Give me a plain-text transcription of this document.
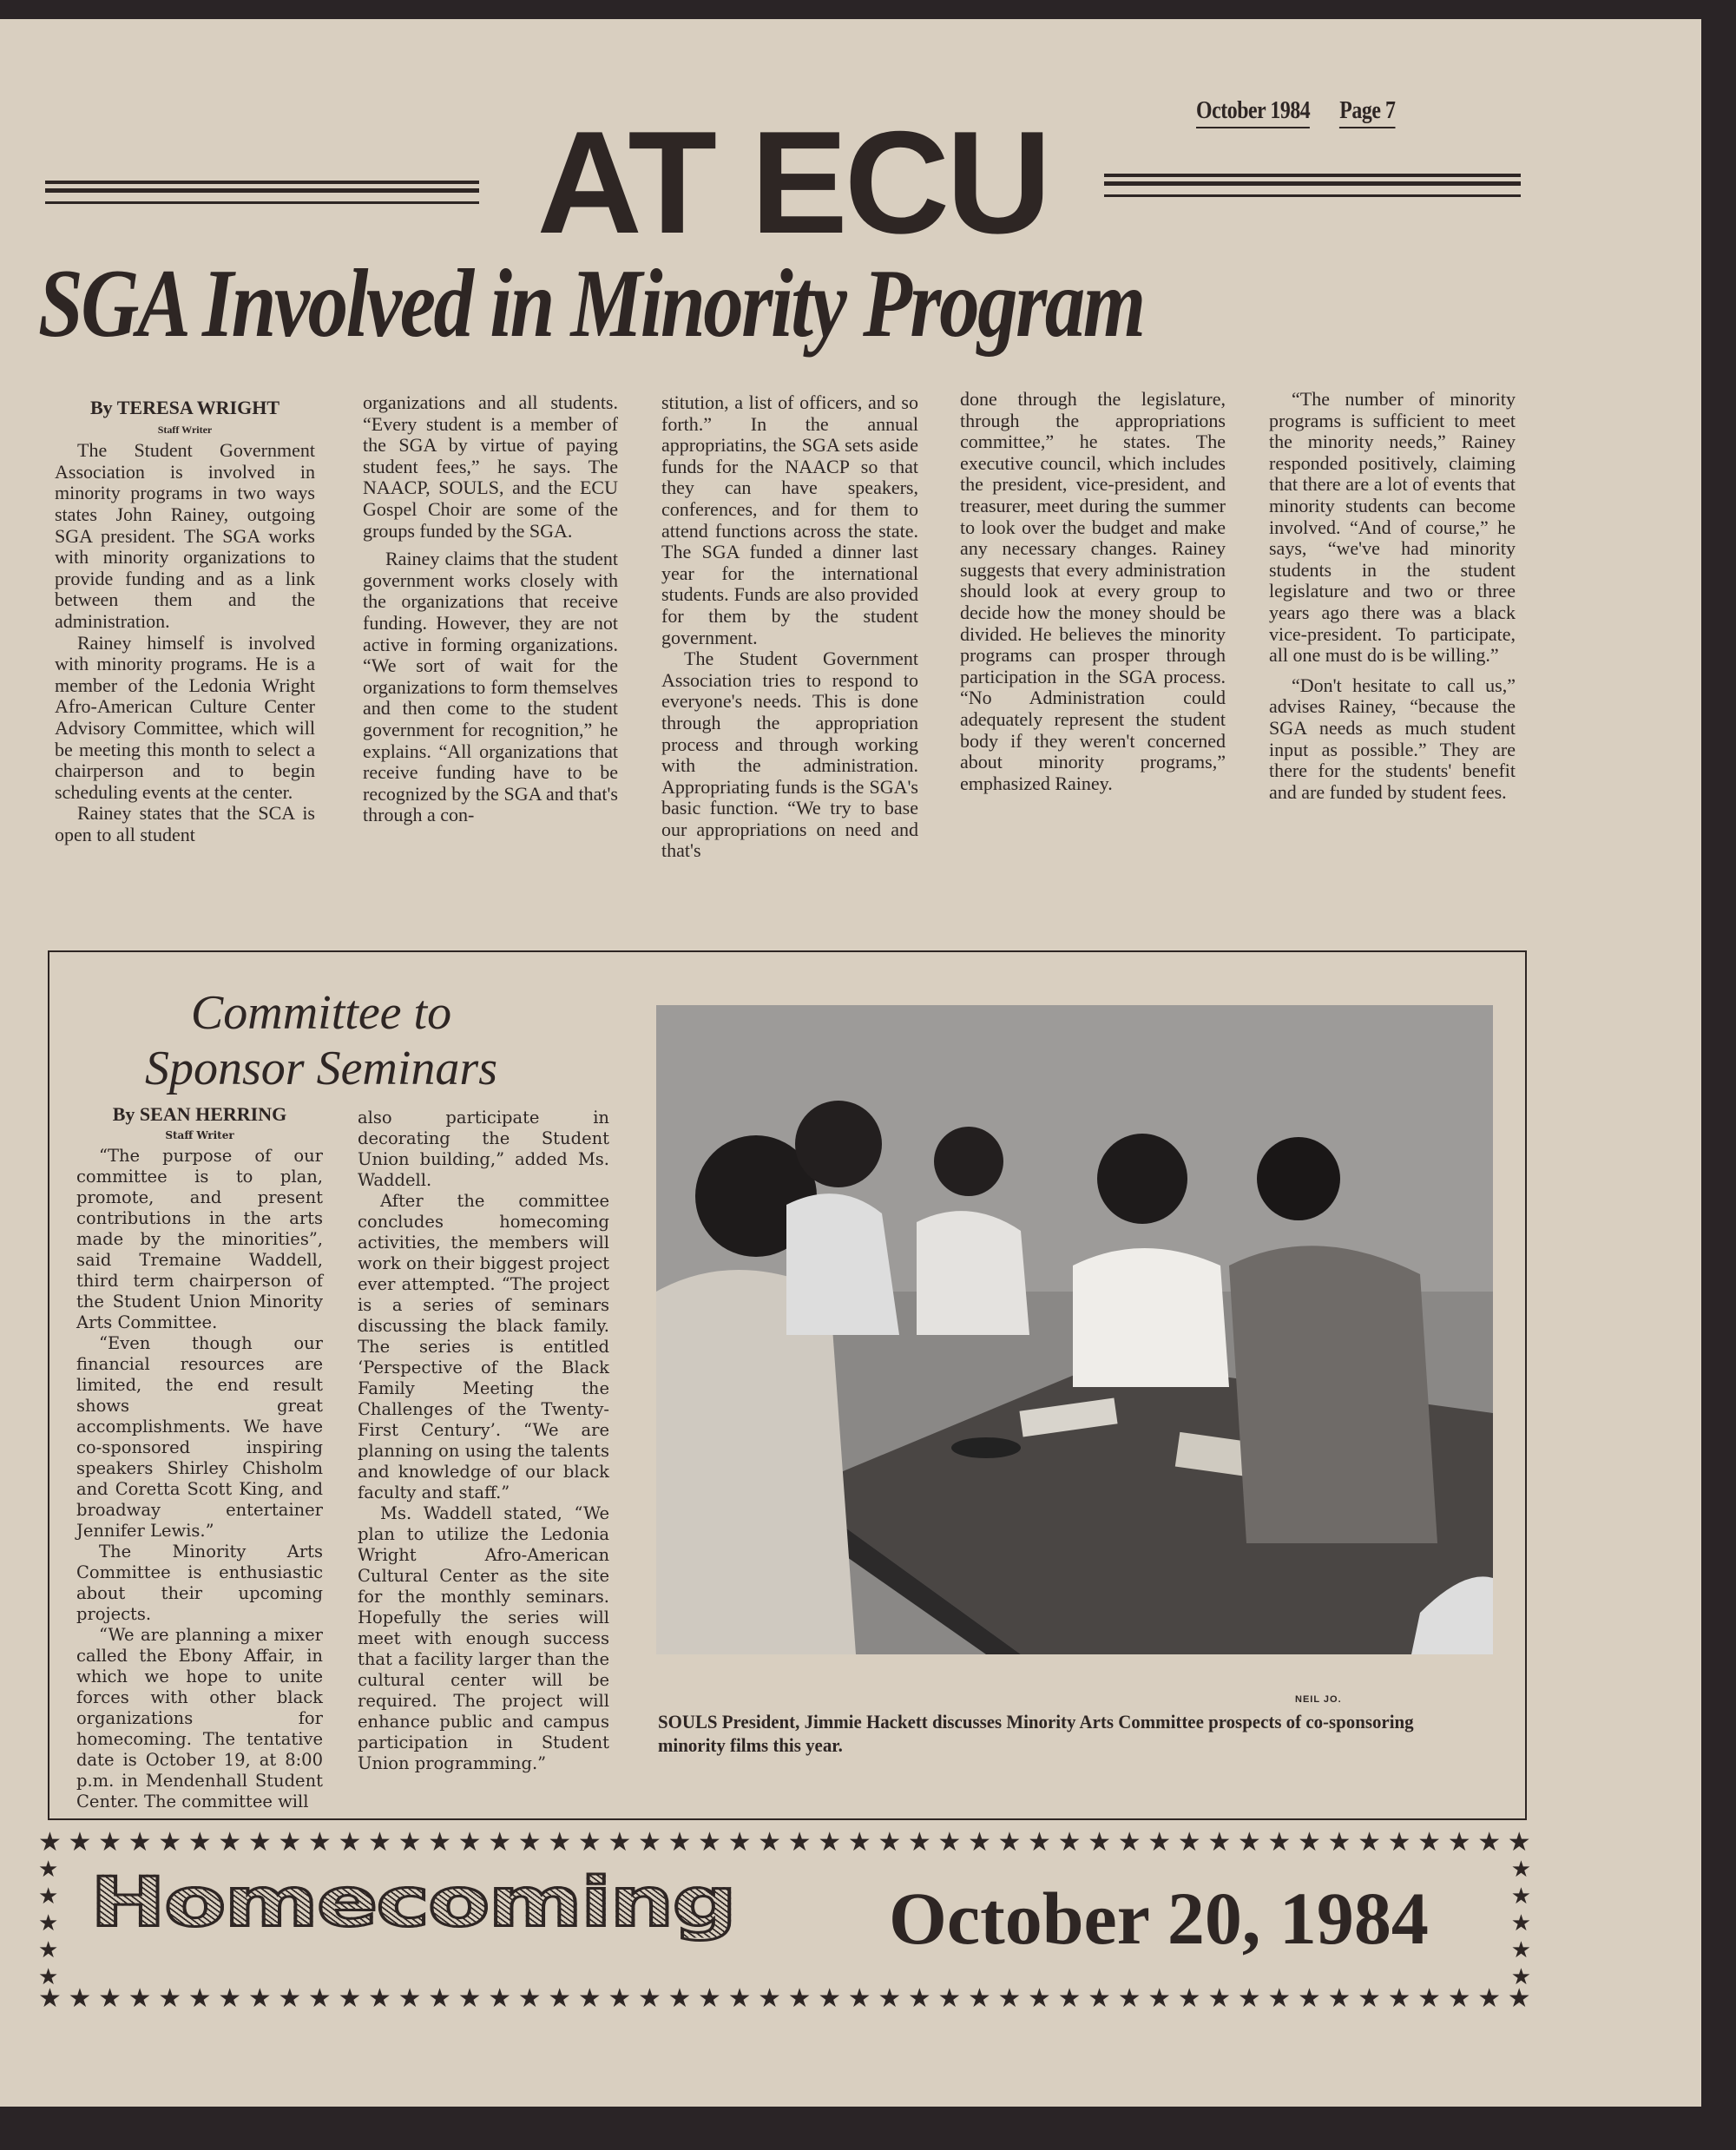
October 1984 Page 7
AT ECU
SGA Involved in Minority Program

By TERESA WRIGHT

Staff Writer

The Student Government Association is involved in minority programs in two ways states John Rainey, outgoing SGA president. The SGA works with minority organizations to provide funding and as a link between them and the administration.

Rainey himself is involved with minority programs. He is a member of the Ledonia Wright Afro-American Culture Center Advisory Committee, which will be meeting this month to select a chairperson and to begin scheduling events at the center.

Rainey states that the SCA is open to all student

organizations and all students. “Every student is a member of the SGA by virtue of paying student fees,” he says. The NAACP, SOULS, and the ECU Gospel Choir are some of the groups funded by the SGA.

Rainey claims that the student government works closely with the organizations that receive funding. However, they are not active in forming organizations. “We sort of wait for the organizations to form themselves and then come to the student government for recognition,” he explains. “All organizations that receive funding have to be recognized by the SGA and that's through a con-

stitution, a list of officers, and so forth.” In the annual appropriatins, the SGA sets aside funds for the NAACP so that they can have speakers, conferences, and for them to attend functions across the state. The SGA funded a dinner last year for the international students. Funds are also provided for them by the student government.

The Student Government Association tries to respond to everyone's needs. This is done through the appropriation process and through working with the administration. Appropriating funds is the SGA's basic function. “We try to base our appropriations on need and that's

done through the legislature, through the appropriations committee,” he states. The executive council, which includes the president, vice-president, and treasurer, meet during the summer to look over the budget and make any necessary changes. Rainey suggests that every administration should look at every group to decide how the money should be divided. He believes the minority programs can prosper through participation in the SGA process. “No Administration could adequately represent the student body if they weren't concerned about minority programs,” emphasized Rainey.

“The number of minority programs is sufficient to meet the minority needs,” Rainey responded positively, claiming that there are a lot of events that minority students can become involved. “And of course,” he says, “we've had minority students in the student legislature and two or three years ago there was a black vice-president. To participate, all one must do is be willing.”

“Don't hesitate to call us,” advises Rainey, “because the SGA needs as much student input as possible.” They are there for the students' benefit and are funded by student fees.

Committee to
Sponsor Seminars

By SEAN HERRING

Staff Writer

“The purpose of our committee is to plan, promote, and present contributions in the arts made by the minorities”, said Tremaine Waddell, third term chairperson of the Student Union Minority Arts Committee.

“Even though our financial resources are limited, the end result shows great accomplishments. We have co-sponsored inspiring speakers Shirley Chisholm and Coretta Scott King, and broadway entertainer Jennifer Lewis.”

The Minority Arts Committee is enthusiastic about their upcoming projects.

“We are planning a mixer called the Ebony Affair, in which we hope to unite forces with other black organizations for homecoming. The tentative date is October 19, at 8:00 p.m. in Mendenhall Student Center. The committee will

also participate in decorating the Student Union building,” added Ms. Waddell.

After the committee concludes homecoming activities, the members will work on their biggest project ever attempted. “The project is a series of seminars discussing the black family. The series is entitled ‘Perspective of the Black Family Meeting the Challenges of the Twenty-First Century’. “We are planning on using the talents and knowledge of our black faculty and staff.”

Ms. Waddell stated, “We plan to utilize the Ledonia Wright Afro-American Cultural Center as the site for the monthly seminars. Hopefully the series will meet with enough success that a facility larger than the cultural center will be required. The project will enhance public and campus participation in Student Union programming.”

NEIL JO.
SOULS President, Jimmie Hackett discusses Minority Arts Committee prospects of co-sponsoring minority films this year.
★ ★ ★ ★ ★ ★ ★ ★ ★ ★ ★ ★ ★ ★ ★ ★ ★ ★ ★ ★ ★ ★ ★ ★ ★ ★ ★ ★ ★ ★ ★ ★ ★ ★ ★ ★ ★ ★ ★ ★ ★ ★ ★ ★ ★ ★ ★ ★ ★ ★
★ ★ ★ ★ ★ ★ ★ ★ ★ ★ ★ ★ ★ ★ ★ ★ ★ ★ ★ ★ ★ ★ ★ ★ ★ ★ ★ ★ ★ ★ ★ ★ ★ ★ ★ ★ ★ ★ ★ ★ ★ ★ ★ ★ ★ ★ ★ ★ ★ ★
★
★
★
★
★
★
★
★
★
★
Homecoming October 20, 1984
